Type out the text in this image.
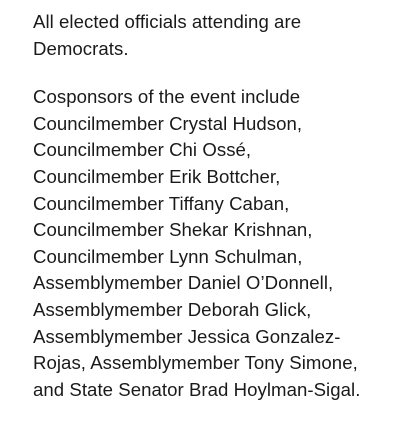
All elected officials attending are
Democrats.

Cosponsors of the event include
Councilmember Crystal Hudson,
Councilmember Chi Ossé,
Councilmember Erik Bottcher,
Councilmember Tiffany Caban,
Councilmember Shekar Krishnan,
Councilmember Lynn Schulman,
Assemblymember Daniel O’Donnell,
Assemblymember Deborah Glick,
Assemblymember Jessica Gonzalez-
Rojas, Assemblymember Tony Simone,
and State Senator Brad Hoylman-Sigal.
